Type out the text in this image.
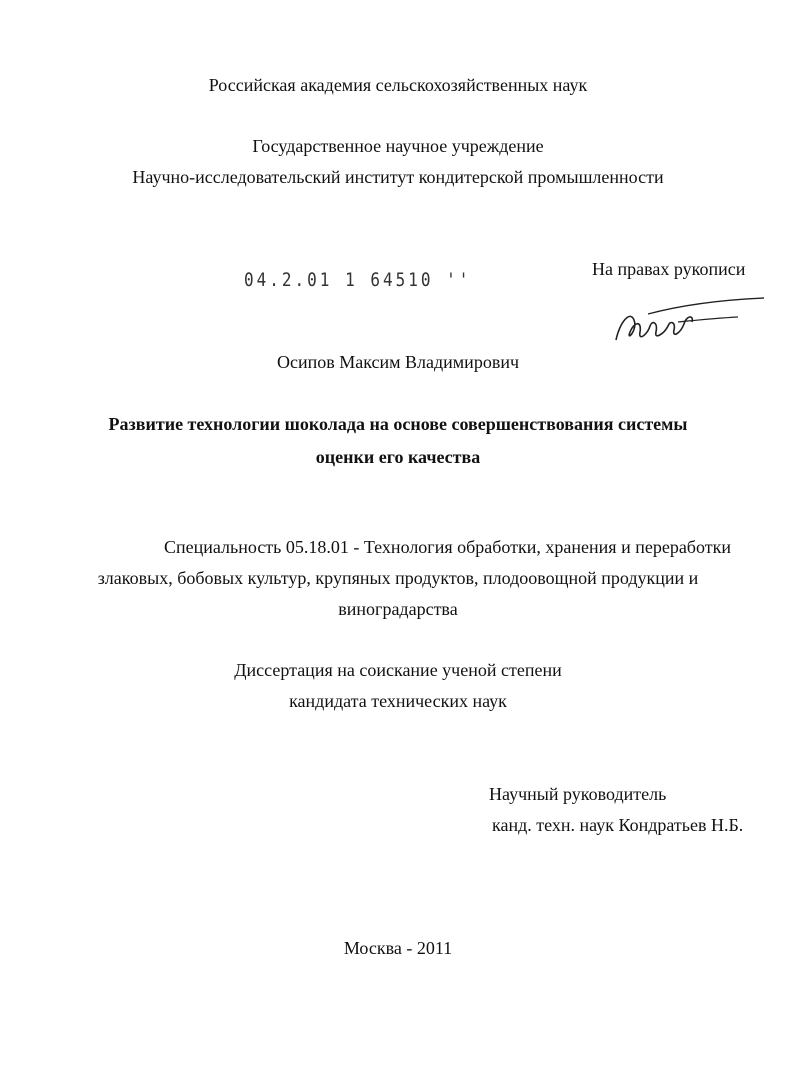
Российская академия сельскохозяйственных наук
Государственное научное учреждение
Научно-исследовательский институт кондитерской промышленности
04.2.01 1 64510 ''	На правах рукописи
Осипов Максим Владимирович
Развитие технологии шоколада на основе совершенствования системы
оценки его качества
Специальность 05.18.01 - Технология обработки, хранения и переработки
злаковых, бобовых культур, крупяных продуктов, плодоовощной продукции и
виноградарства
Диссертация на соискание ученой степени
кандидата технических наук
Научный руководитель
канд. техн. наук Кондратьев Н.Б.
Москва - 2011
